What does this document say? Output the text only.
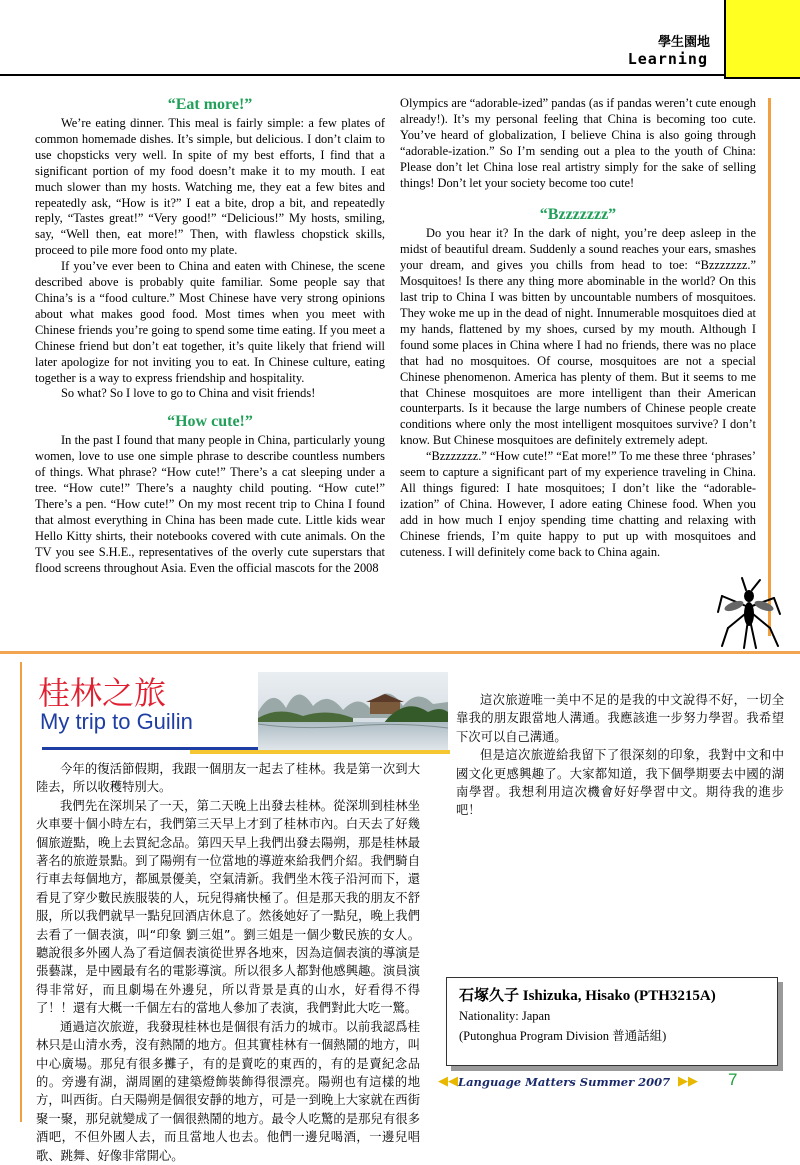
學生園地
Learning
“Eat more!”

We’re eating dinner. This meal is fairly simple: a few plates of common homemade dishes. It’s simple, but delicious. I don’t claim to use chopsticks very well. In spite of my best efforts, I find that a significant portion of my food doesn’t make it to my mouth. I eat much slower than my hosts. Watching me, they eat a few bites and repeatedly ask, “How is it?” I eat a bite, drop a bit, and repeatedly reply, “Tastes great!” “Very good!” “Delicious!” My hosts, smiling, say, “Well then, eat more!” Then, with flawless chopstick skills, proceed to pile more food onto my plate.

If you’ve ever been to China and eaten with Chinese, the scene described above is probably quite familiar. Some people say that China’s is a “food culture.” Most Chinese have very strong opinions about what makes good food. Most times when you meet with Chinese friends you’re going to spend some time eating. If you meet a Chinese friend but don’t eat together, it’s quite likely that friend will later apologize for not inviting you to eat. In Chinese culture, eating together is a way to express friendship and hospitality.

So what? So I love to go to China and visit friends!

“How cute!”

In the past I found that many people in China, particularly young women, love to use one simple phrase to describe countless numbers of things. What phrase? “How cute!” There’s a cat sleeping under a tree. “How cute!” There’s a naughty child pouting. “How cute!” There’s a pen. “How cute!” On my most recent trip to China I found that almost everything in China has been made cute. Little kids wear Hello Kitty shirts, their notebooks covered with cute animals. On the TV you see S.H.E., representatives of the overly cute superstars that flood screens throughout Asia. Even the official mascots for the 2008

Olympics are “adorable-ized” pandas (as if pandas weren’t cute enough already!). It’s my personal feeling that China is becoming too cute. You’ve heard of globalization, I believe China is also going through “adorable-ization.” So I’m sending out a plea to the youth of China: Please don’t let China lose real artistry simply for the sake of selling things! Don’t let your society become too cute!

“Bzzzzzzz”

Do you hear it? In the dark of night, you’re deep asleep in the midst of beautiful dream. Suddenly a sound reaches your ears, smashes your dream, and gives you chills from head to toe: “Bzzzzzzz.” Mosquitoes! Is there any thing more abominable in the world? On this last trip to China I was bitten by uncountable numbers of mosquitoes. They woke me up in the dead of night. Innumerable mosquitoes died at my hands, flattened by my shoes, cursed by my mouth. Although I found some places in China where I had no friends, there was no place that had no mosquitoes. Of course, mosquitoes are not a special Chinese phenomenon. America has plenty of them. But it seems to me that Chinese mosquitoes are more intelligent than their American counterparts. Is it because the large numbers of Chinese people create conditions where only the most intelligent mosquitoes survive? I don’t know. But Chinese mosquitoes are definitely extremely adept.

“Bzzzzzzz.” “How cute!” “Eat more!” To me these three ‘phrases’ seem to capture a significant part of my experience traveling in China. All things figured: I hate mosquitoes; I don’t like the “adorable-ization” of China. However, I adore eating Chinese food. When you add in how much I enjoy spending time chatting and relaxing with Chinese friends, I’m quite happy to put up with mosquitoes and cuteness. I will definitely come back to China again.

桂林之旅
My trip to Guilin

今年的復活節假期，我跟一個朋友一起去了桂林。我是第一次到大陸去，所以收穫特別大。

我們先在深圳呆了一天，第二天晚上出發去桂林。從深圳到桂林坐火車要十個小時左右，我們第三天早上才到了桂林市內。白天去了好幾個旅遊點，晚上去買紀念品。第四天早上我們出發去陽朔，那是桂林最著名的旅遊景點。到了陽朔有一位當地的導遊來給我們介紹。我們騎自行車去每個地方，都風景優美，空氣清新。我們坐木筏子沿河而下，還看見了穿少數民族服裝的人，玩兒得痛快極了。但是那天我的朋友不舒服，所以我們就早一點兒回酒店休息了。然後她好了一點兒，晚上我們去看了一個表演，叫“印象 劉三姐”。劉三姐是一個少數民族的女人。聽說很多外國人為了看這個表演從世界各地來，因為這個表演的導演是張藝謀，是中國最有名的電影導演。所以很多人都對他感興趣。演員演得非常好，而且劇場在外邊兒，所以背景是真的山水，好看得不得了！！還有大概一千個左右的當地人參加了表演，我們對此大吃一驚。

通過這次旅遊，我發現桂林也是個很有活力的城市。以前我認爲桂林只是山清水秀，沒有熱鬧的地方。但其實桂林有一個熱鬧的地方，叫中心廣場。那兒有很多攤子，有的是賣吃的東西的，有的是賣紀念品的。旁邊有湖，湖周圍的建築燈飾裝飾得很漂亮。陽朔也有這樣的地方，叫西街。白天陽朔是個很安靜的地方，可是一到晚上大家就在西街聚一聚，那兒就變成了一個很熱鬧的地方。最令人吃驚的是那兒有很多酒吧，不但外國人去，而且當地人也去。他們一邊兒喝酒，一邊兒唱歌、跳舞、好像非常開心。

這次旅遊唯一美中不足的是我的中文說得不好，一切全靠我的朋友跟當地人溝通。我應該進一步努力學習。我希望下次可以自己溝通。

但是這次旅遊給我留下了很深刻的印象，我對中文和中國文化更感興趣了。大家都知道，我下個學期要去中國的湖南學習。我想利用這次機會好好學習中文。期待我的進步吧！

石塚久子 Ishizuka, Hisako (PTH3215A)
Nationality: Japan
(Putonghua Program Division 普通話組)
◀◀ Language Matters Summer 2007 ▶▶ 7
